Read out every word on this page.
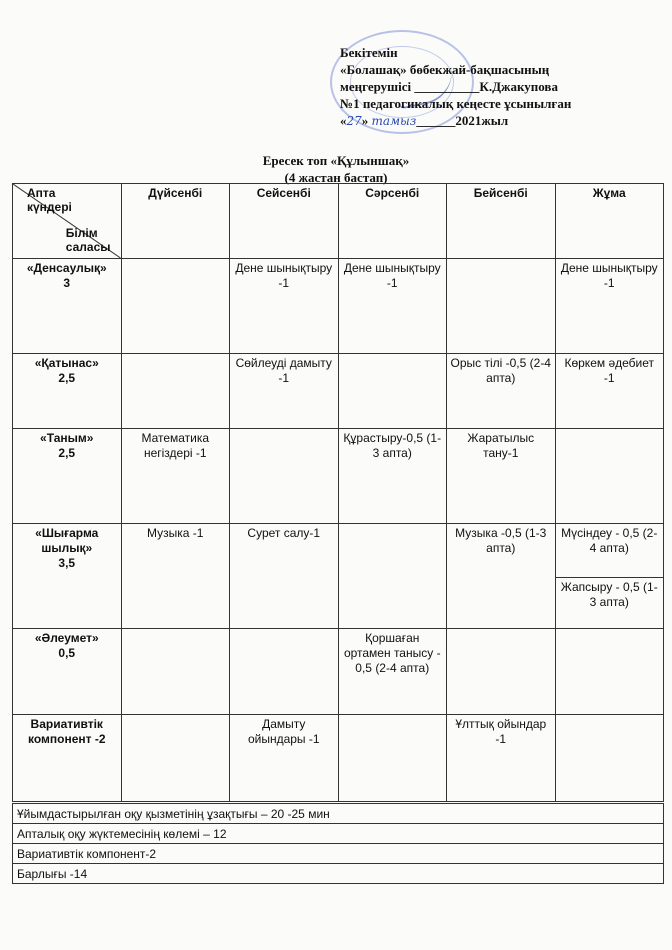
Бекітемін
«Болашақ» бөбекжай-бақшасының
меңгерушісі __________К.Джакупова
№1 педагогикалық кеңесте ұсынылған
«27» тамыз______2021жыл
Ересек топ «Құлыншақ»
(4 жастан бастап)
Апта
күндері
Білім
саласы	Дүйсенбі	Сейсенбі	Сәрсенбі	Бейсенбі	Жұма

«Денсаулық»
3		Дене шынықтыру -1	Дене шынықтыру -1		Дене шынықтыру -1

«Қатынас»
2,5		Сөйлеуді дамыту -1		Орыс тілі -0,5 (2-4 апта)	Көркем әдебиет -1

«Таным»
2,5	Математика негіздері -1		Құрастыру-0,5 (1-3 апта)	Жаратылыс тану-1	

«Шығарма шылық»
3,5	Музыка -1	Сурет салу-1		Музыка -0,5 (1-3 апта)	Мүсіндеу - 0,5 (2-4 апта)
					Жапсыру - 0,5 (1-3 апта)

«Әлеумет»
0,5			Қоршаған ортамен танысу - 0,5 (2-4 апта)		
Вариативтік компонент -2		Дамыту ойындары -1		Ұлттық ойындар -1	
Ұйымдастырылған оқу қызметінің ұзақтығы – 20 -25 мин
Апталық оқу жүктемесінің көлемі – 12
Вариативтік компонент-2
Барлығы -14
